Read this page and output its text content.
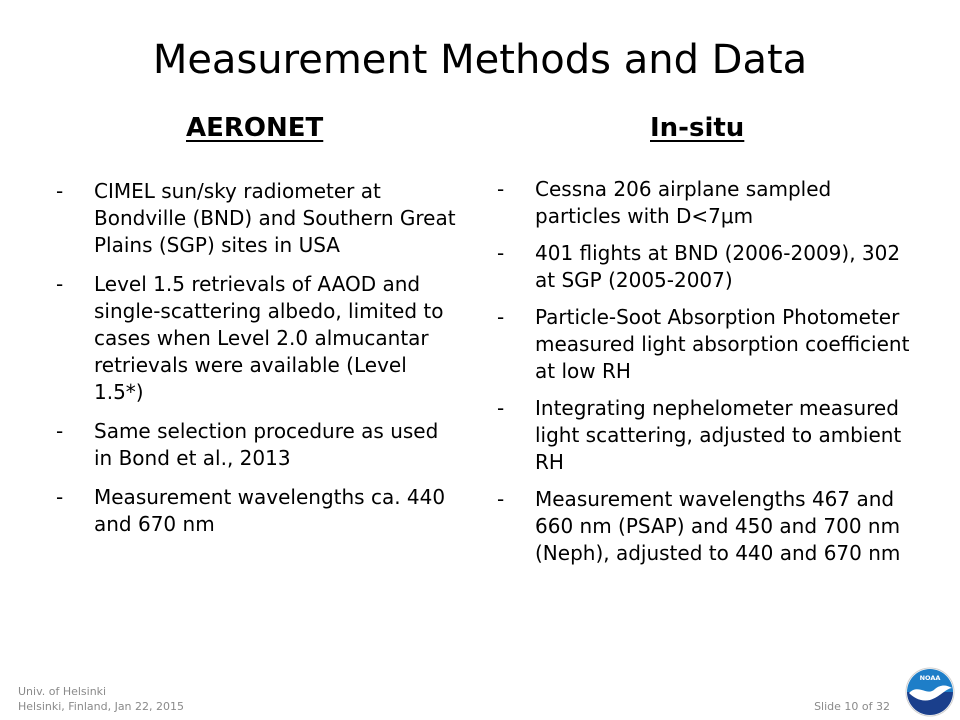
Measurement Methods and Data
AERONET	In-situ
-	CIMEL sun/sky radiometer at Bondville (BND) and Southern Great Plains (SGP) sites in USA
-	Level 1.5 retrievals of AAOD and single-scattering albedo, limited to cases when Level 2.0 almucantar retrievals were available (Level 1.5*)
-	Same selection procedure as used in Bond et al., 2013
-	Measurement wavelengths ca. 440 and 670 nm
-	Cessna 206 airplane sampled particles with D<7μm
-	401 flights at BND (2006-2009), 302 at SGP (2005-2007)
-	Particle-Soot Absorption Photometer measured light absorption coefficient at low RH
-	Integrating nephelometer measured light scattering, adjusted to ambient RH
-	Measurement wavelengths 467 and 660 nm (PSAP) and 450 and 700 nm (Neph), adjusted to 440 and 670 nm
Univ. of Helsinki
Helsinki, Finland, Jan 22, 2015	Slide 10 of 32
NOAA
